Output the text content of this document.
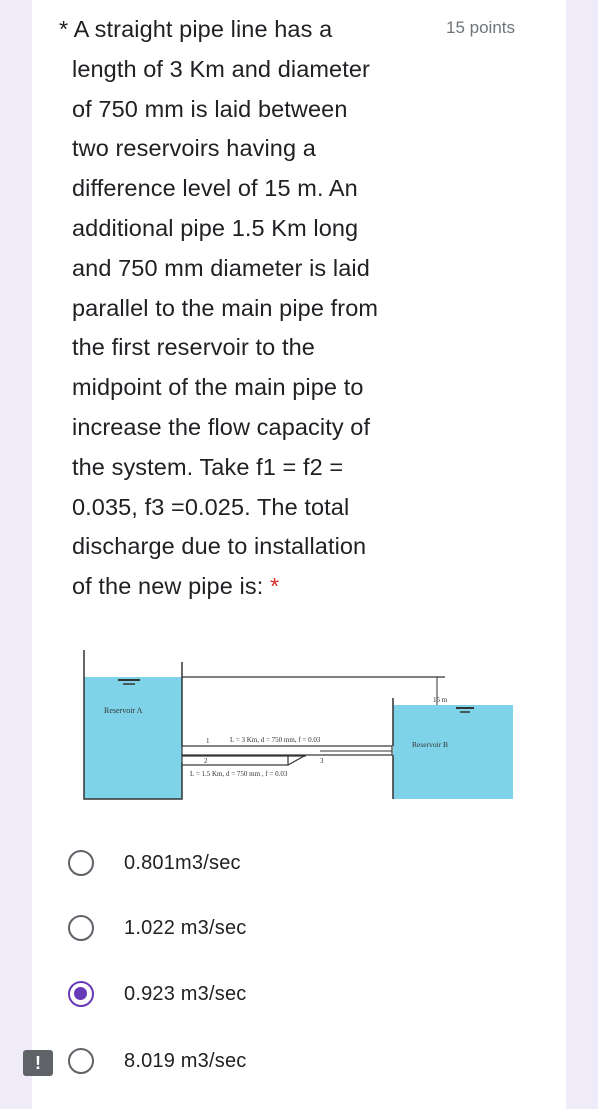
* A straight pipe line has a
length of 3 Km and diameter
of 750 mm is laid between
two reservoirs having a
difference level of 15 m. An
additional pipe 1.5 Km long
and 750 mm diameter is laid
parallel to the main pipe from
the first reservoir to the
midpoint of the main pipe to
increase the flow capacity of
the system. Take f1 = f2 =
0.035, f3 =0.025. The total
discharge due to installation
of the new pipe is: *
15 points
Reservoir A
15 m
Reservoir B
1	L = 3 Km, d = 750 mm, f = 0.03
2	3
L = 1.5 Km, d = 750 mm , f = 0.03
0.801m3/sec
1.022 m3/sec
0.923 m3/sec
8.019 m3/sec
!
